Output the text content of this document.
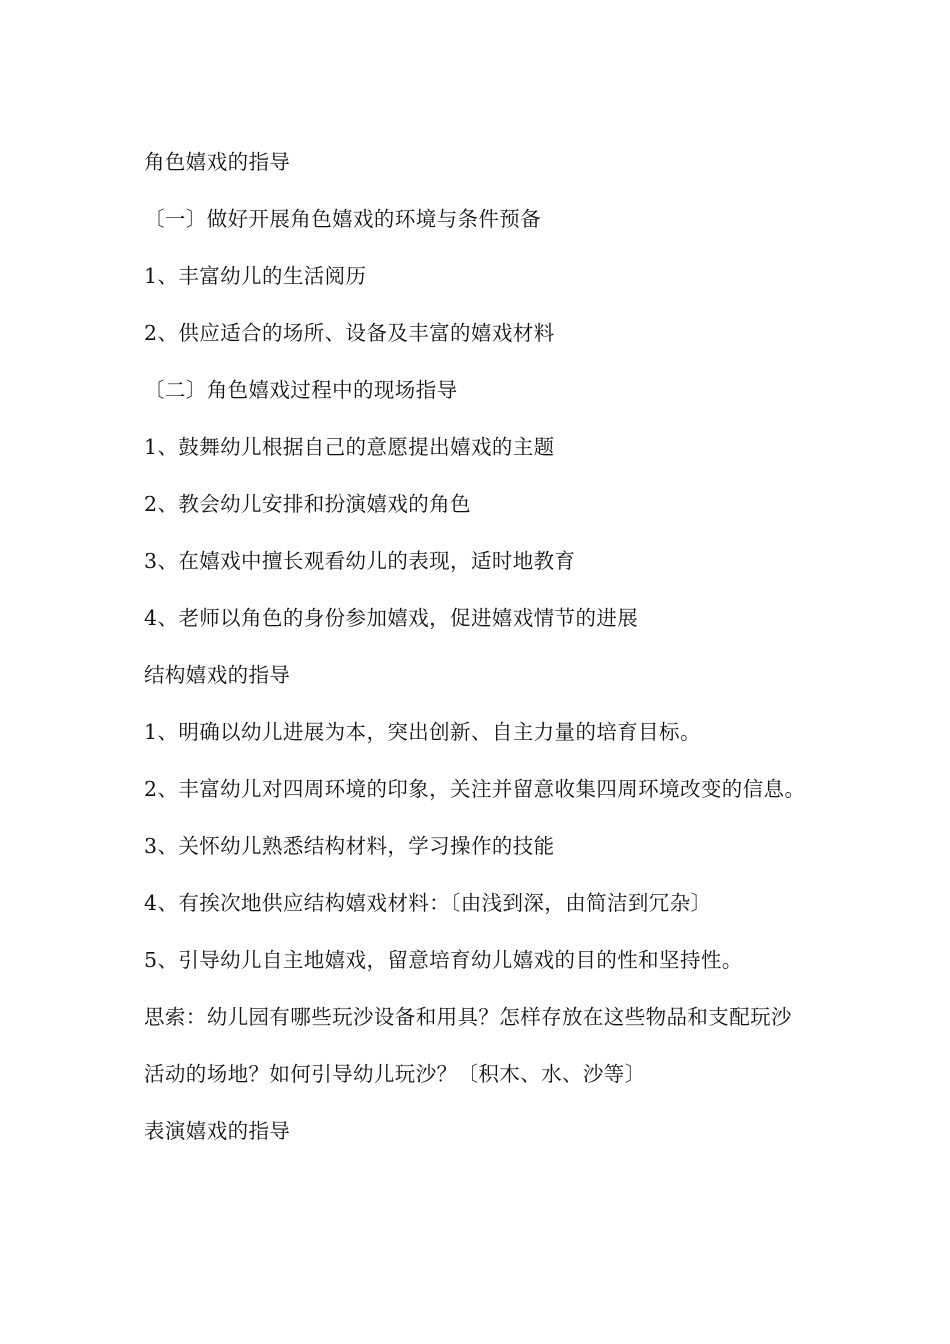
角色嬉戏的指导
〔一〕做好开展角色嬉戏的环境与条件预备
1、丰富幼儿的生活阅历
2、供应适合的场所、设备及丰富的嬉戏材料
〔二〕角色嬉戏过程中的现场指导
1、鼓舞幼儿根据自己的意愿提出嬉戏的主题
2、教会幼儿安排和扮演嬉戏的角色
3、在嬉戏中擅长观看幼儿的表现，适时地教育
4、老师以角色的身份参加嬉戏，促进嬉戏情节的进展
结构嬉戏的指导
1、明确以幼儿进展为本，突出创新、自主力量的培育目标。
2、丰富幼儿对四周环境的印象，关注并留意收集四周环境改变的信息。
3、关怀幼儿熟悉结构材料，学习操作的技能
4、有挨次地供应结构嬉戏材料：〔由浅到深，由简洁到冗杂〕
5、引导幼儿自主地嬉戏，留意培育幼儿嬉戏的目的性和坚持性。
思索：幼儿园有哪些玩沙设备和用具？怎样存放在这些物品和支配玩沙活动的场地？如何引导幼儿玩沙？〔积木、水、沙等〕
表演嬉戏的指导
